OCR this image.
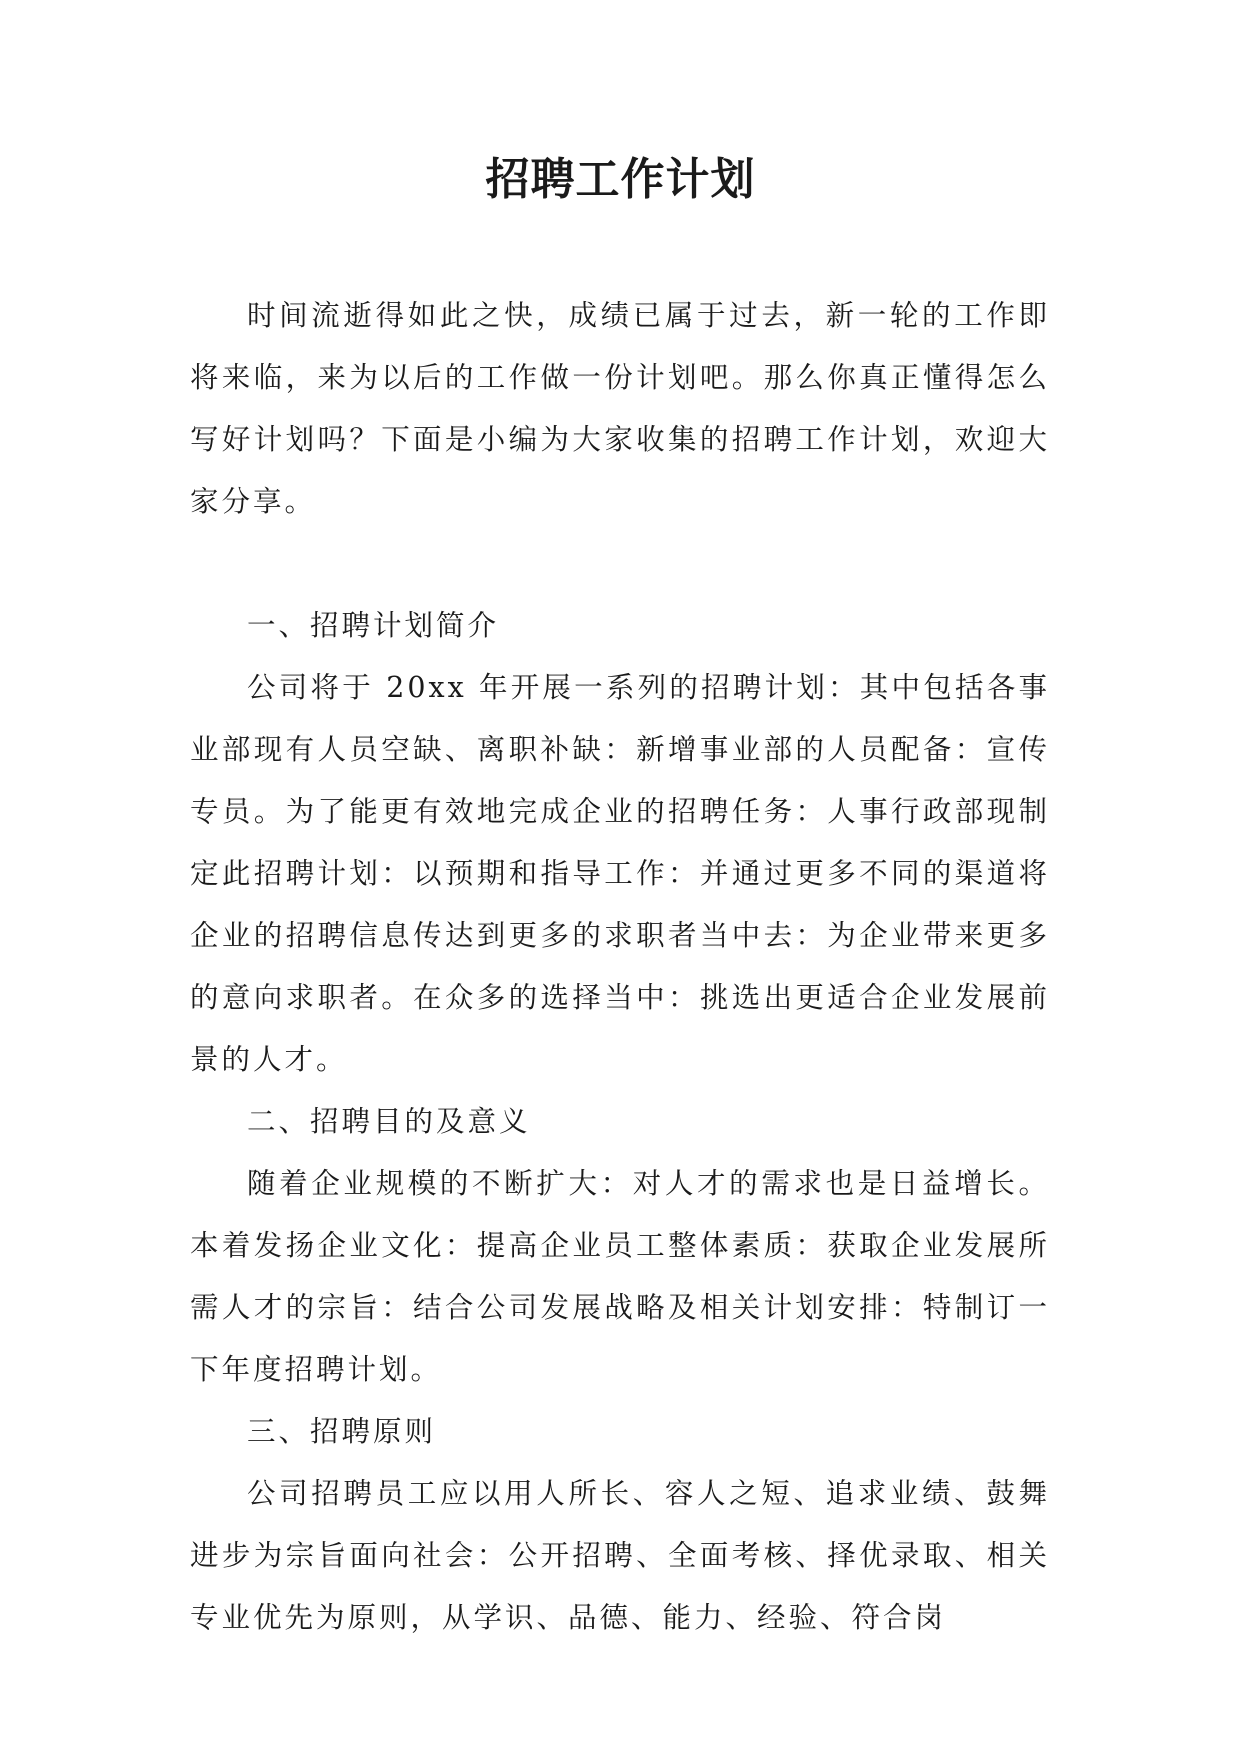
招聘工作计划

时间流逝得如此之快，成绩已属于过去，新一轮的工作即将来临，来为以后的工作做一份计划吧。那么你真正懂得怎么写好计划吗？下面是小编为大家收集的招聘工作计划，欢迎大家分享。

一、招聘计划简介

公司将于 20xx 年开展一系列的招聘计划：其中包括各事业部现有人员空缺、离职补缺：新增事业部的人员配备：宣传专员。为了能更有效地完成企业的招聘任务：人事行政部现制定此招聘计划：以预期和指导工作：并通过更多不同的渠道将企业的招聘信息传达到更多的求职者当中去：为企业带来更多的意向求职者。在众多的选择当中：挑选出更适合企业发展前景的人才。

二、招聘目的及意义

随着企业规模的不断扩大：对人才的需求也是日益增长。本着发扬企业文化：提高企业员工整体素质：获取企业发展所需人才的宗旨：结合公司发展战略及相关计划安排：特制订一下年度招聘计划。

三、招聘原则

公司招聘员工应以用人所长、容人之短、追求业绩、鼓舞进步为宗旨面向社会：公开招聘、全面考核、择优录取、相关专业优先为原则，从学识、品德、能力、经验、符合岗
